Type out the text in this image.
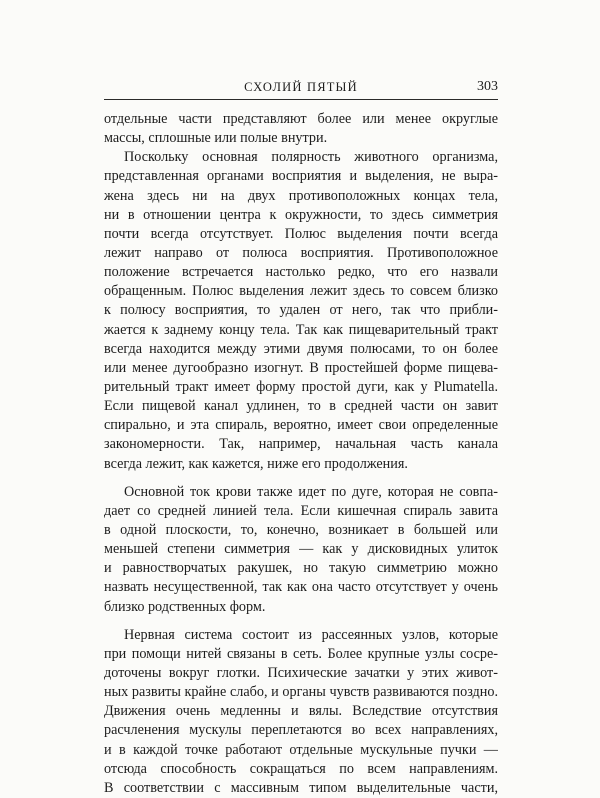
СХОЛИЙ ПЯТЫЙ	303
отдельные части представляют более или менее округлые
массы, сплошные или полые внутри.
Поскольку основная полярность животного организма,
представленная органами восприятия и выделения, не выра-
жена здесь ни на двух противоположных концах тела,
ни в отношении центра к окружности, то здесь симметрия
почти всегда отсутствует. Полюс выделения почти всегда
лежит направо от полюса восприятия. Противоположное
положение встречается настолько редко, что его назвали
обращенным. Полюс выделения лежит здесь то совсем близко
к полюсу восприятия, то удален от него, так что прибли-
жается к заднему концу тела. Так как пищеварительный тракт
всегда находится между этими двумя полюсами, то он более
или менее дугообразно изогнут. В простейшей форме пищева-
рительный тракт имеет форму простой дуги, как у Plumatella.
Если пищевой канал удлинен, то в средней части он завит
спирально, и эта спираль, вероятно, имеет свои определенные
закономерности. Так, например, начальная часть канала
всегда лежит, как кажется, ниже его продолжения.
Основной ток крови также идет по дуге, которая не совпа-
дает со средней линией тела. Если кишечная спираль завита
в одной плоскости, то, конечно, возникает в большей или
меньшей степени симметрия — как у дисковидных улиток
и равностворчатых ракушек, но такую симметрию можно
назвать несущественной, так как она часто отсутствует у очень
близко родственных форм.
Нервная система состоит из рассеянных узлов, которые
при помощи нитей связаны в сеть. Более крупные узлы сосре-
доточены вокруг глотки. Психические зачатки у этих живот-
ных развиты крайне слабо, и органы чувств развиваются поздно.
Движения очень медленны и вялы. Вследствие отсутствия
расчленения мускулы переплетаются во всех направлениях,
и в каждой точке работают отдельные мускульные пучки —
отсюда способность сокращаться по всем направлениям.
В соответствии с массивным типом выделительные части,
